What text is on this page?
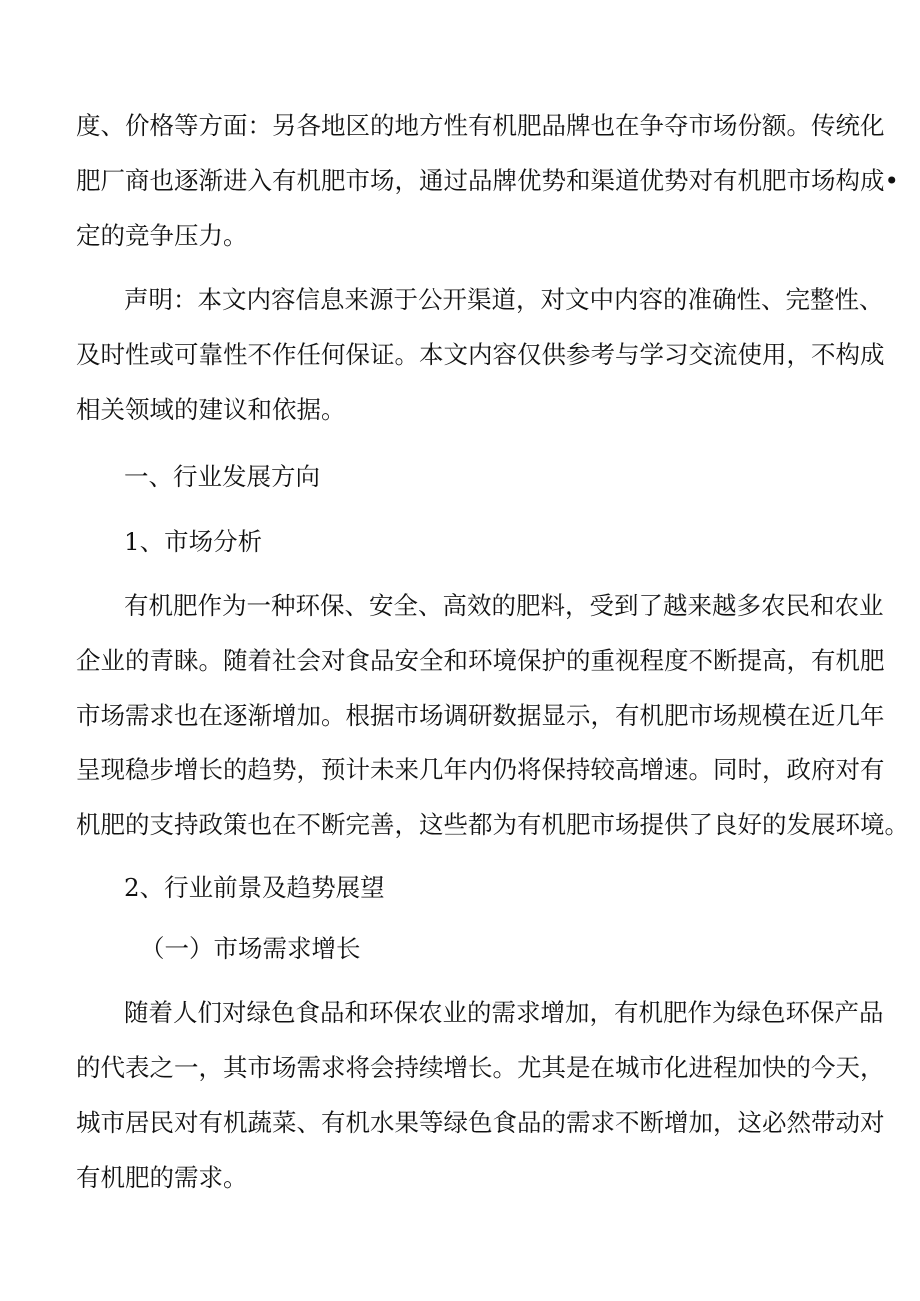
度、价格等方面：另各地区的地方性有机肥品牌也在争夺市场份额。传统化
肥厂商也逐渐进入有机肥市场，通过品牌优势和渠道优势对有机肥市场构成•
定的竞争压力。
声明：本文内容信息来源于公开渠道，对文中内容的准确性、完整性、
及时性或可靠性不作任何保证。本文内容仅供参考与学习交流使用，不构成
相关领域的建议和依据。
一、行业发展方向
1、市场分析
有机肥作为一种环保、安全、高效的肥料，受到了越来越多农民和农业
企业的青睐。随着社会对食品安全和环境保护的重视程度不断提高，有机肥
市场需求也在逐渐增加。根据市场调研数据显示，有机肥市场规模在近几年
呈现稳步增长的趋势，预计未来几年内仍将保持较高增速。同时，政府对有
机肥的支持政策也在不断完善，这些都为有机肥市场提供了良好的发展环境。
2、行业前景及趋势展望
（一）市场需求增长
随着人们对绿色食品和环保农业的需求增加，有机肥作为绿色环保产品
的代表之一，其市场需求将会持续增长。尤其是在城市化进程加快的今天，
城市居民对有机蔬菜、有机水果等绿色食品的需求不断增加，这必然带动对
有机肥的需求。
